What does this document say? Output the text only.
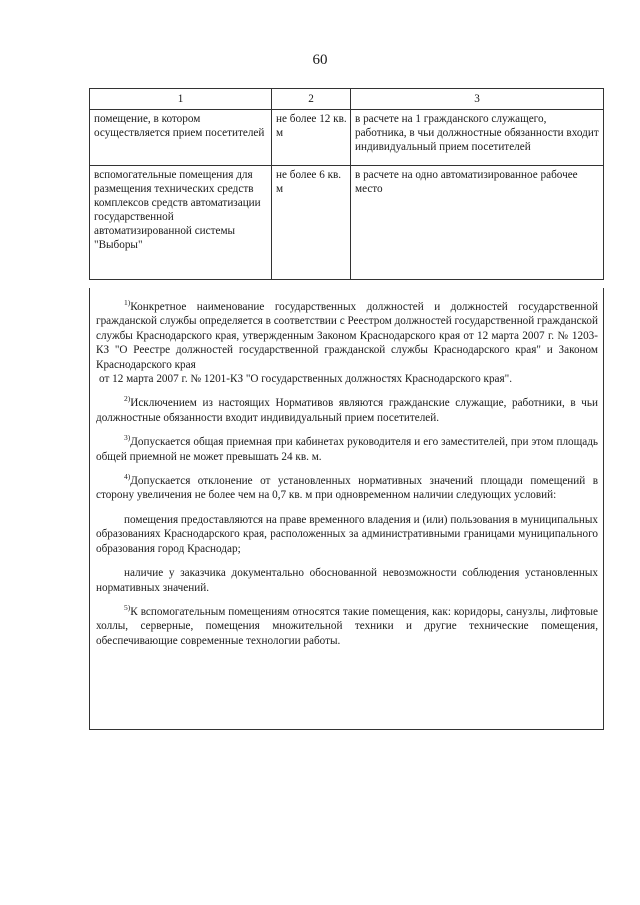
60
1	2	3
помещение, в котором осуществляется прием посетителей	не более 12 кв. м	в расчете на 1 гражданского служащего, работника, в чьи должностные обязанности входит индивидуальный прием посетителей
вспомогательные помещения для размещения технических средств комплексов средств автоматизации государственной автоматизированной системы "Выборы"	не более 6 кв. м	в расчете на одно автоматизированное рабочее место

$^{1)}$Конкретное наименование государственных должностей и должностей государственной гражданской службы определяется в соответствии с Реестром должностей государственной гражданской службы Краснодарского края, утвержденным Законом Краснодарского края от 12 марта 2007 г. № 1203-КЗ "О Реестре должностей государственной гражданской службы Краснодарского края" и Законом Краснодарского края

от 12 марта 2007 г. № 1201-КЗ "О государственных должностях Краснодарского края".

$^{2)}$Исключением из настоящих Нормативов являются гражданские служащие, работники, в чьи должностные обязанности входит индивидуальный прием посетителей.

$^{3)}$Допускается общая приемная при кабинетах руководителя и его заместителей, при этом площадь общей приемной не может превышать 24 кв. м.

$^{4)}$Допускается отклонение от установленных нормативных значений площади помещений в сторону увеличения не более чем на 0,7 кв. м при одновременном наличии следующих условий:

помещения предоставляются на праве временного владения и (или) пользования в муниципальных образованиях Краснодарского края, расположенных за административными границами муниципального образования город Краснодар;

наличие у заказчика документально обоснованной невозможности соблюдения установленных нормативных значений.

$^{5)}$К вспомогательным помещениям относятся такие помещения, как: коридоры, санузлы, лифтовые холлы, серверные, помещения множительной техники и другие технические помещения, обеспечивающие современные технологии работы.
